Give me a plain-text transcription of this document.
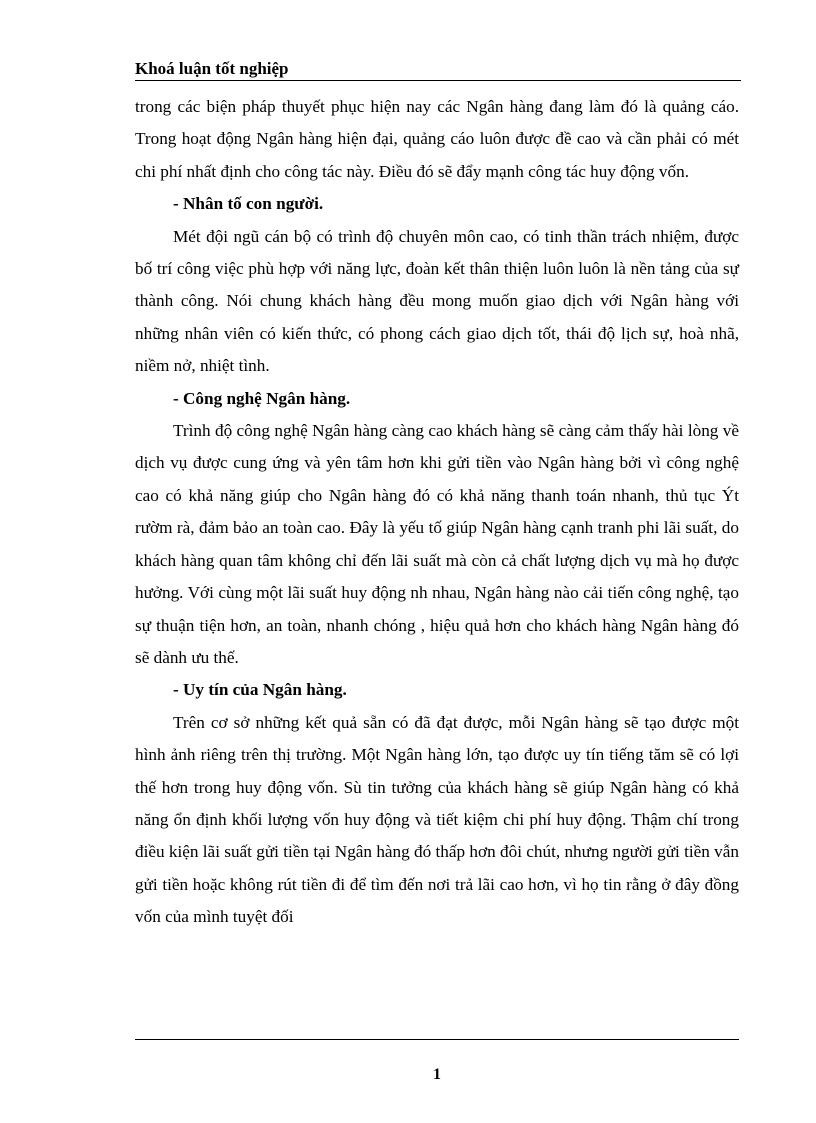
Khoá luận tốt nghiệp

trong các biện pháp thuyết phục hiện nay các Ngân hàng đang làm đó là quảng cáo. Trong hoạt động Ngân hàng hiện đại, quảng cáo luôn được đề cao và cần phải có mét chi phí nhất định cho công tác này. Điều đó sẽ đẩy mạnh công tác huy động vốn.

- Nhân tố con người.

Mét đội ngũ cán bộ có trình độ chuyên môn cao, có tinh thần trách nhiệm, được bố trí công việc phù hợp với năng lực, đoàn kết thân thiện luôn luôn là nền tảng của sự thành công. Nói chung khách hàng đều mong muốn giao dịch với Ngân hàng với những nhân viên có kiến thức, có phong cách giao dịch tốt, thái độ lịch sự, hoà nhã, niềm nở, nhiệt tình.

- Công nghệ Ngân hàng.

Trình độ công nghệ Ngân hàng càng cao khách hàng sẽ càng cảm thấy hài lòng về dịch vụ được cung ứng và yên tâm hơn khi gửi tiền vào Ngân hàng bởi vì công nghệ cao có khả năng giúp cho Ngân hàng đó có khả năng thanh toán nhanh, thủ tục Ýt rườm rà, đảm bảo an toàn cao. Đây là yếu tố giúp Ngân hàng cạnh tranh phi lãi suất, do khách hàng quan tâm không chỉ đến lãi suất mà còn cả chất lượng dịch vụ mà họ được hưởng. Với cùng một lãi suất huy động nh nhau, Ngân hàng nào cải tiến công nghệ, tạo sự thuận tiện hơn, an toàn, nhanh chóng , hiệu quả hơn cho khách hàng Ngân hàng đó sẽ dành ưu thế.

- Uy tín của Ngân hàng.

Trên cơ sở những kết quả sẵn có đã đạt được, mỗi Ngân hàng sẽ tạo được một hình ảnh riêng trên thị trường. Một Ngân hàng lớn, tạo được uy tín tiếng tăm sẽ có lợi thế hơn trong huy động vốn. Sù tin tưởng của khách hàng sẽ giúp Ngân hàng có khả năng ổn định khối lượng vốn huy động và tiết kiệm chi phí huy động. Thậm chí trong điều kiện lãi suất gửi tiền tại Ngân hàng đó thấp hơn đôi chút, nhưng người gửi tiền vẫn gửi tiền hoặc không rút tiền đi để tìm đến nơi trả lãi cao hơn, vì họ tin rằng ở đây đồng vốn của mình tuyệt đối

1
